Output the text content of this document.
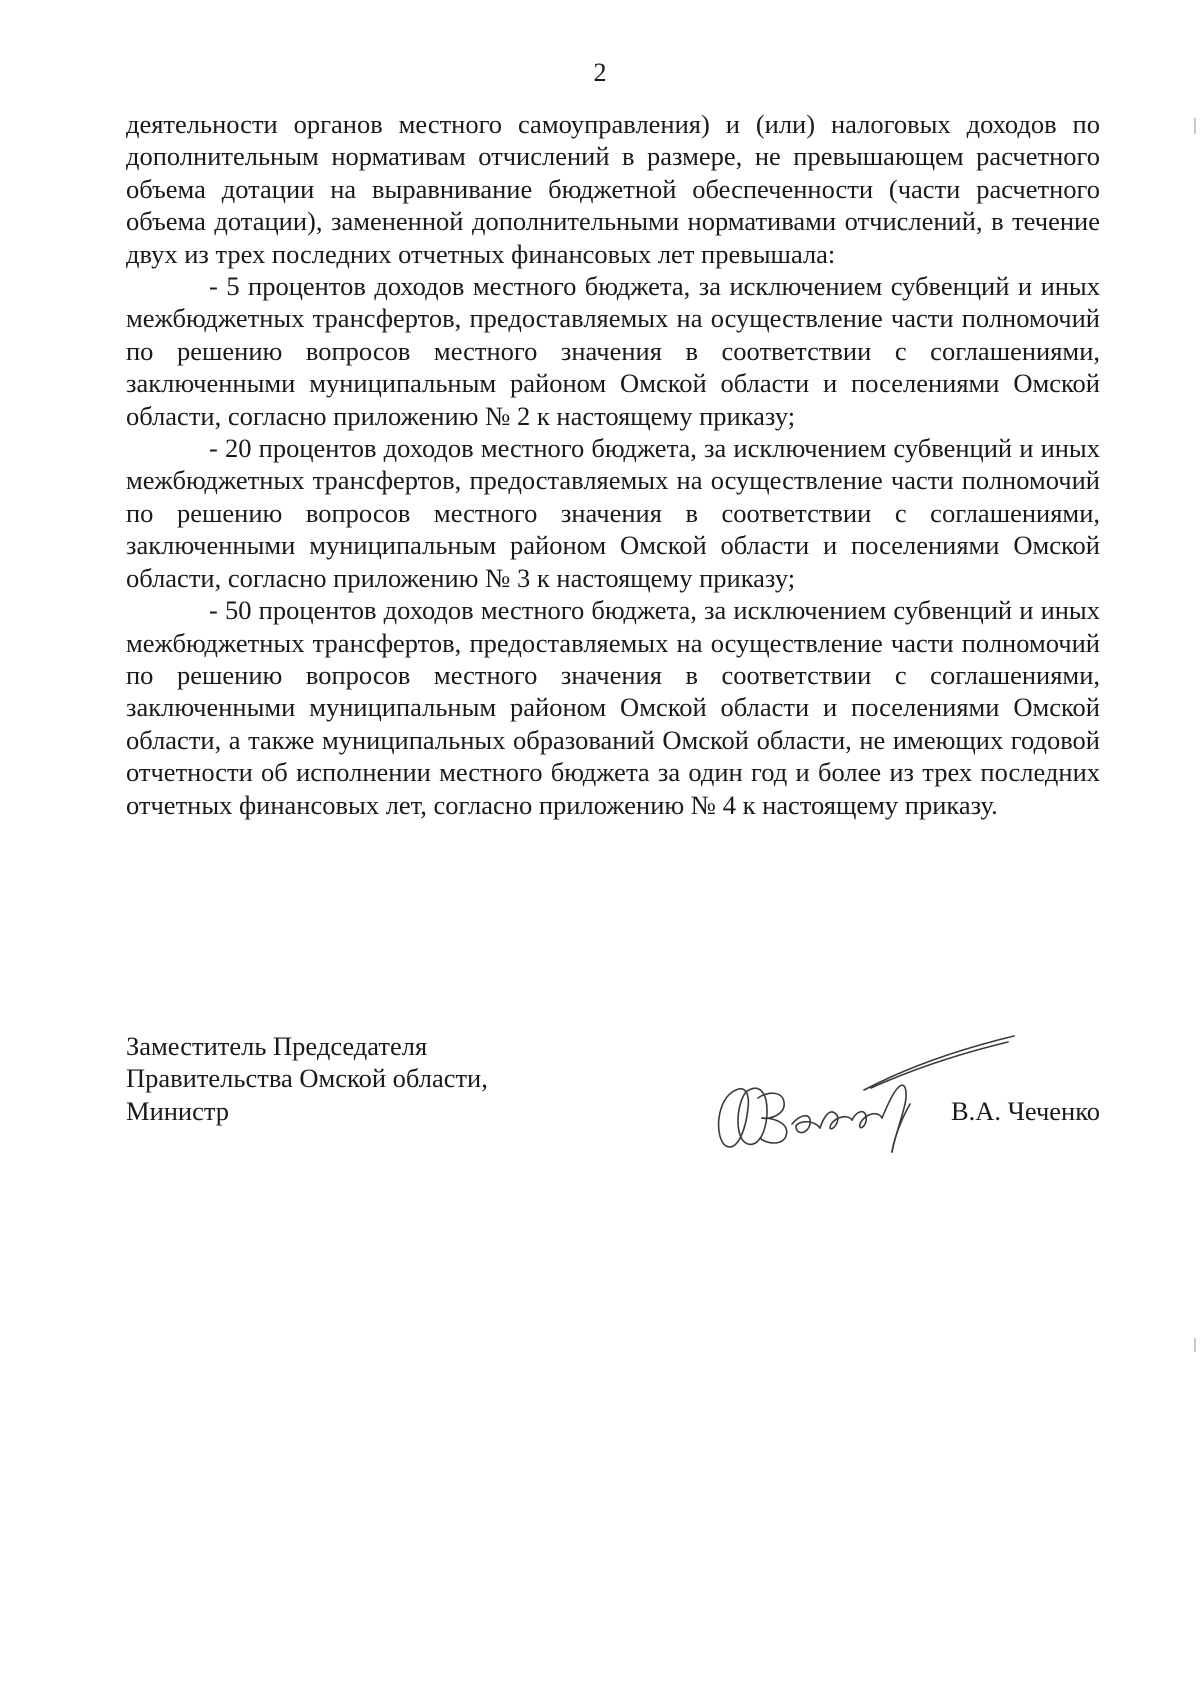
2

деятельности органов местного самоуправления) и (или) налоговых доходов по дополнительным нормативам отчислений в размере, не превышающем расчетного объема дотации на выравнивание бюджетной обеспеченности (части расчетного объема дотации), замененной дополнительными нормативами отчислений, в течение двух из трех последних отчетных финансовых лет превышала:

- 5 процентов доходов местного бюджета, за исключением субвенций и иных межбюджетных трансфертов, предоставляемых на осуществление части полномочий по решению вопросов местного значения в соответствии с соглашениями, заключенными муниципальным районом Омской области и поселениями Омской области, согласно приложению № 2 к настоящему приказу;

- 20 процентов доходов местного бюджета, за исключением субвенций и иных межбюджетных трансфертов, предоставляемых на осуществление части полномочий по решению вопросов местного значения в соответствии с соглашениями, заключенными муниципальным районом Омской области и поселениями Омской области, согласно приложению № 3 к настоящему приказу;

- 50 процентов доходов местного бюджета, за исключением субвенций и иных межбюджетных трансфертов, предоставляемых на осуществление части полномочий по решению вопросов местного значения в соответствии с соглашениями, заключенными муниципальным районом Омской области и поселениями Омской области, а также муниципальных образований Омской области, не имеющих годовой отчетности об исполнении местного бюджета за один год и более из трех последних отчетных финансовых лет, согласно приложению № 4 к настоящему приказу.

Заместитель Председателя
Правительства Омской области,
Министр	В.А. Чеченко
